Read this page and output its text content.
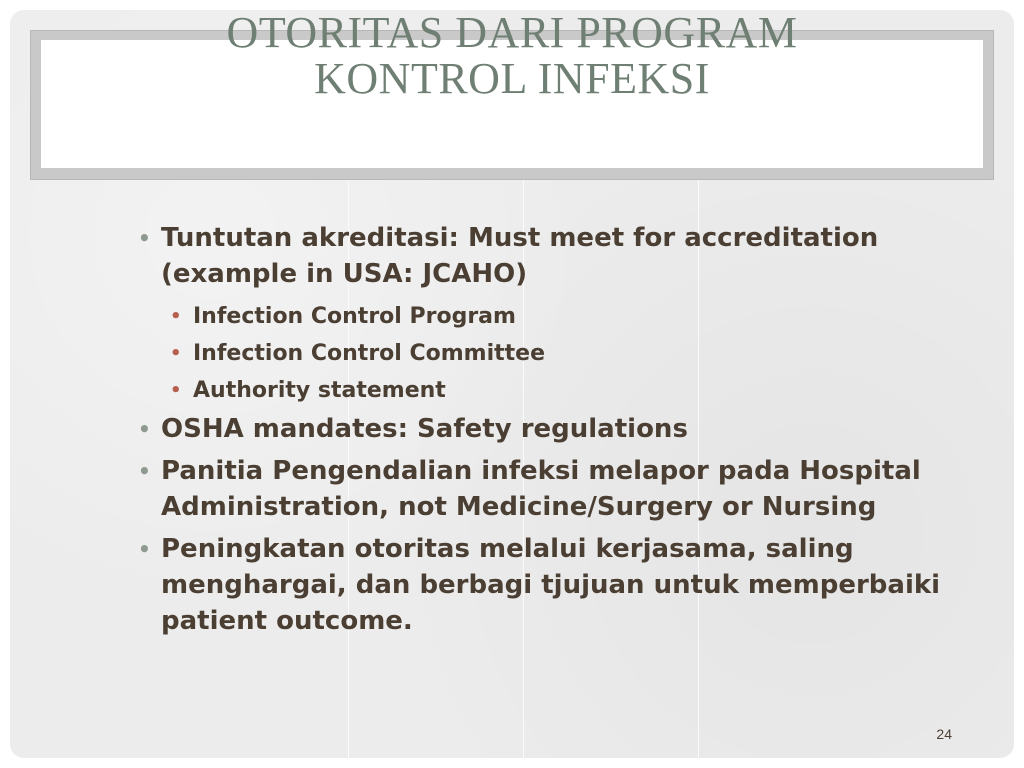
OTORITAS DARI PROGRAM
KONTROL INFEKSI
• Tuntutan akreditasi: Must meet for accreditation (example in USA: JCAHO)
• Infection Control Program
• Infection Control Committee
• Authority statement
• OSHA mandates: Safety regulations
• Panitia Pengendalian infeksi melapor pada Hospital Administration, not Medicine/Surgery or Nursing
• Peningkatan otoritas melalui kerjasama, saling menghargai, dan berbagi tjujuan untuk memperbaiki patient outcome.
24
